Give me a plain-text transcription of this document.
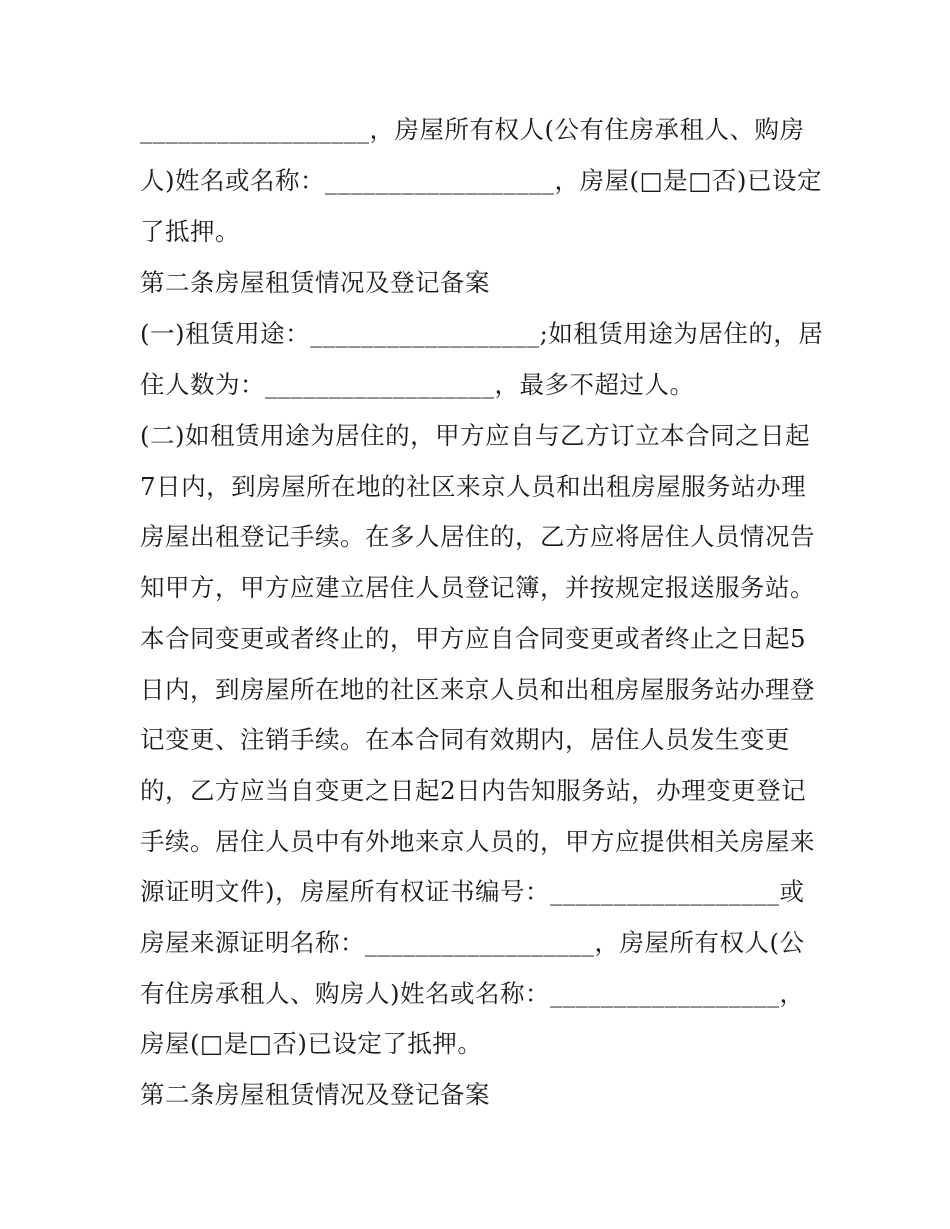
__________________，房屋所有权人(公有住房承租人、购房
人)姓名或名称：__________________，房屋(□是□否)已设定
了抵押。
第二条房屋租赁情况及登记备案
(一)租赁用途：__________________;如租赁用途为居住的，居
住人数为：__________________，最多不超过人。
(二)如租赁用途为居住的，甲方应自与乙方订立本合同之日起
7日内，到房屋所在地的社区来京人员和出租房屋服务站办理
房屋出租登记手续。在多人居住的，乙方应将居住人员情况告
知甲方，甲方应建立居住人员登记簿，并按规定报送服务站。
本合同变更或者终止的，甲方应自合同变更或者终止之日起5
日内，到房屋所在地的社区来京人员和出租房屋服务站办理登
记变更、注销手续。在本合同有效期内，居住人员发生变更
的，乙方应当自变更之日起2日内告知服务站，办理变更登记
手续。居住人员中有外地来京人员的，甲方应提供相关房屋来
源证明文件)，房屋所有权证书编号：__________________或
房屋来源证明名称：__________________，房屋所有权人(公
有住房承租人、购房人)姓名或名称：__________________，
房屋(□是□否)已设定了抵押。
第二条房屋租赁情况及登记备案
